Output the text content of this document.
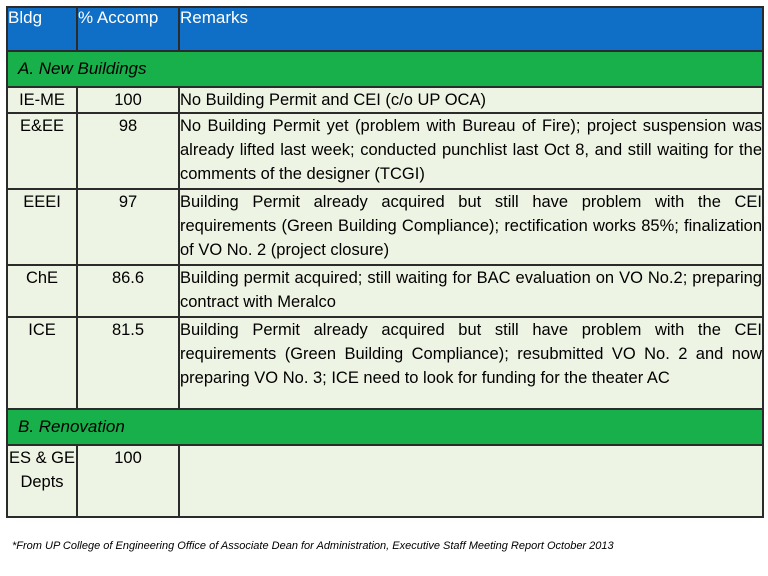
Bldg	% Accomp	Remarks
A. New Buildings		
IE-ME	100	No Building Permit and CEI (c/o UP OCA)
E&EE	98	No Building Permit yet (problem with Bureau of Fire); project suspension was already lifted last week; conducted punchlist last Oct 8, and still waiting for the comments of the designer (TCGI)
EEEI	97	Building Permit already acquired but still have problem with the CEI requirements (Green Building Compliance); rectification works 85%; finalization of VO No. 2 (project closure)
ChE	86.6	Building permit acquired; still waiting for BAC evaluation on VO No.2; preparing contract with Meralco
ICE	81.5	Building Permit already acquired but still have problem with the CEI requirements (Green Building Compliance); resubmitted VO No. 2 and now preparing VO No. 3; ICE need to look for funding for the theater AC
B. Renovation		
ES & GE Depts	100	
*From UP College of Engineering Office of Associate Dean for Administration, Executive Staff Meeting Report October 2013
